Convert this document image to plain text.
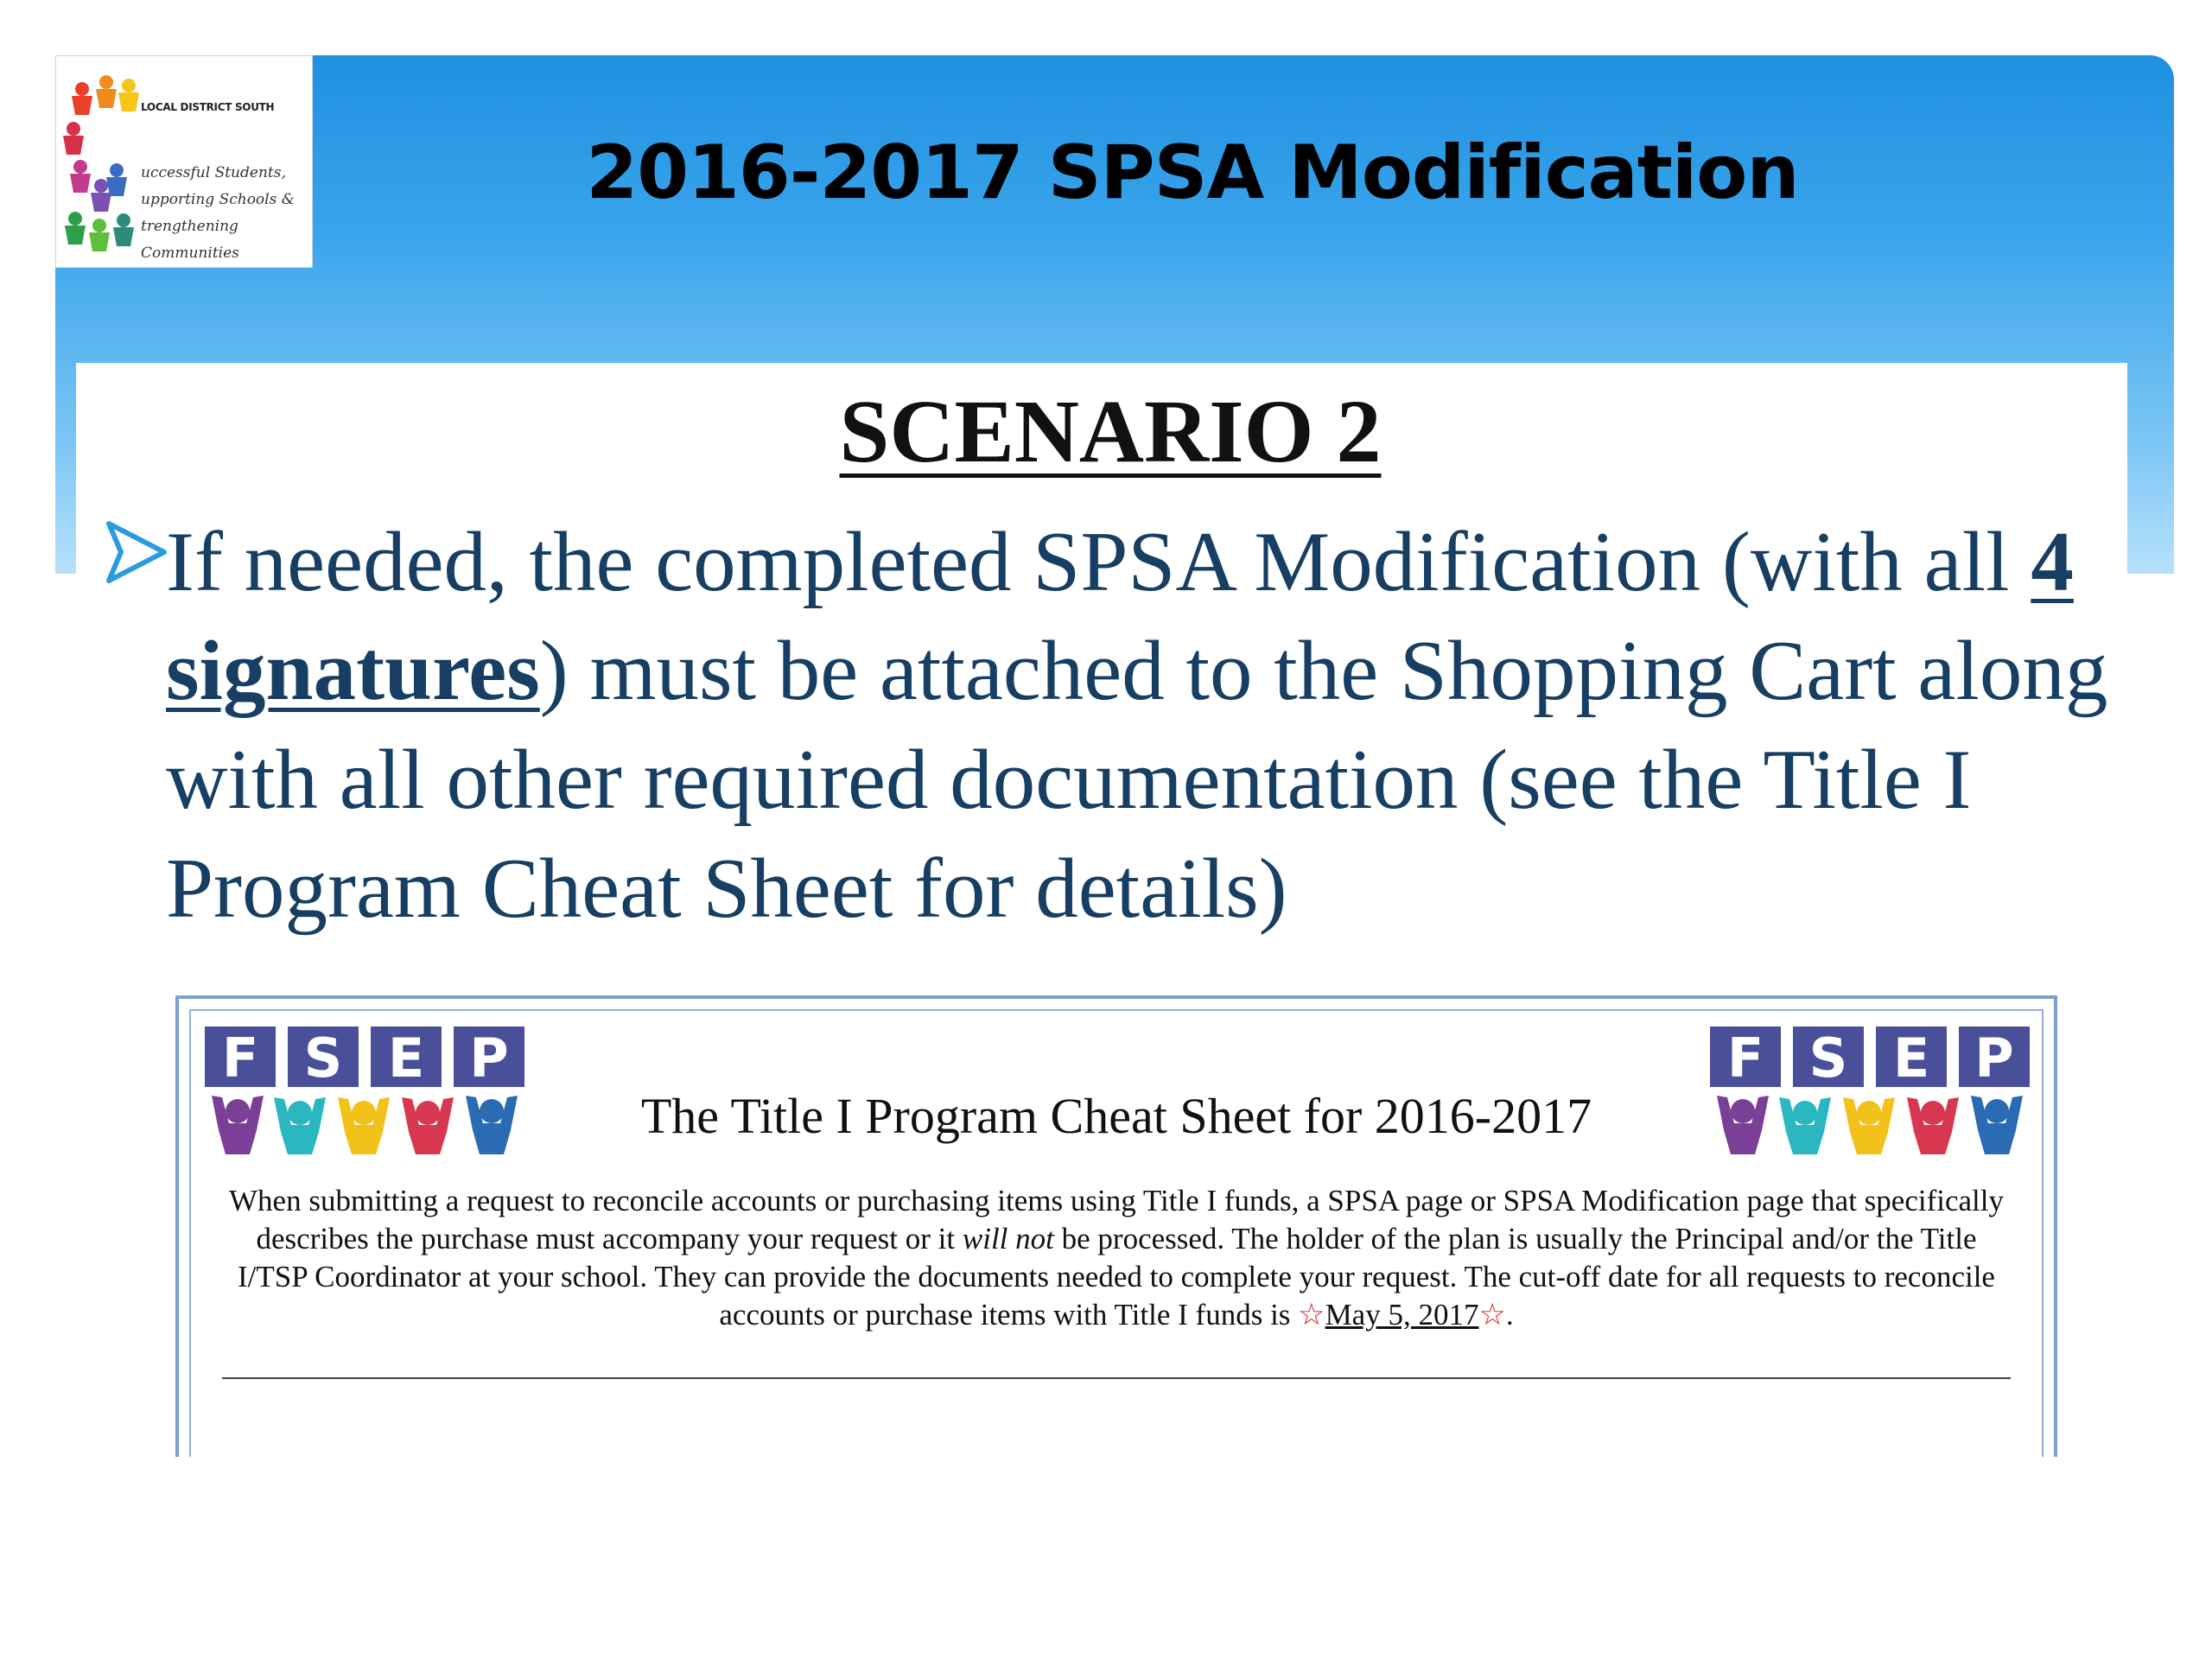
LOCAL DISTRICT SOUTH
uccessful Students,
upporting Schools &
trengthening Communities
2016-2017 SPSA Modification
SCENARIO 2

If needed, the completed SPSA Modification (with all 4 signatures) must be attached to the Shopping Cart along with all other required documentation (see the Title I Program Cheat Sheet for details)

F S E P	F S E P
The Title I Program Cheat Sheet for 2016-2017

When submitting a request to reconcile accounts or purchasing items using Title I funds, a SPSA page or SPSA Modification page that specifically describes the purchase must accompany your request or it will not be processed. The holder of the plan is usually the Principal and/or the Title I/TSP Coordinator at your school. They can provide the documents needed to complete your request. The cut-off date for all requests to reconcile accounts or purchase items with Title I funds is ☆May 5, 2017☆.
